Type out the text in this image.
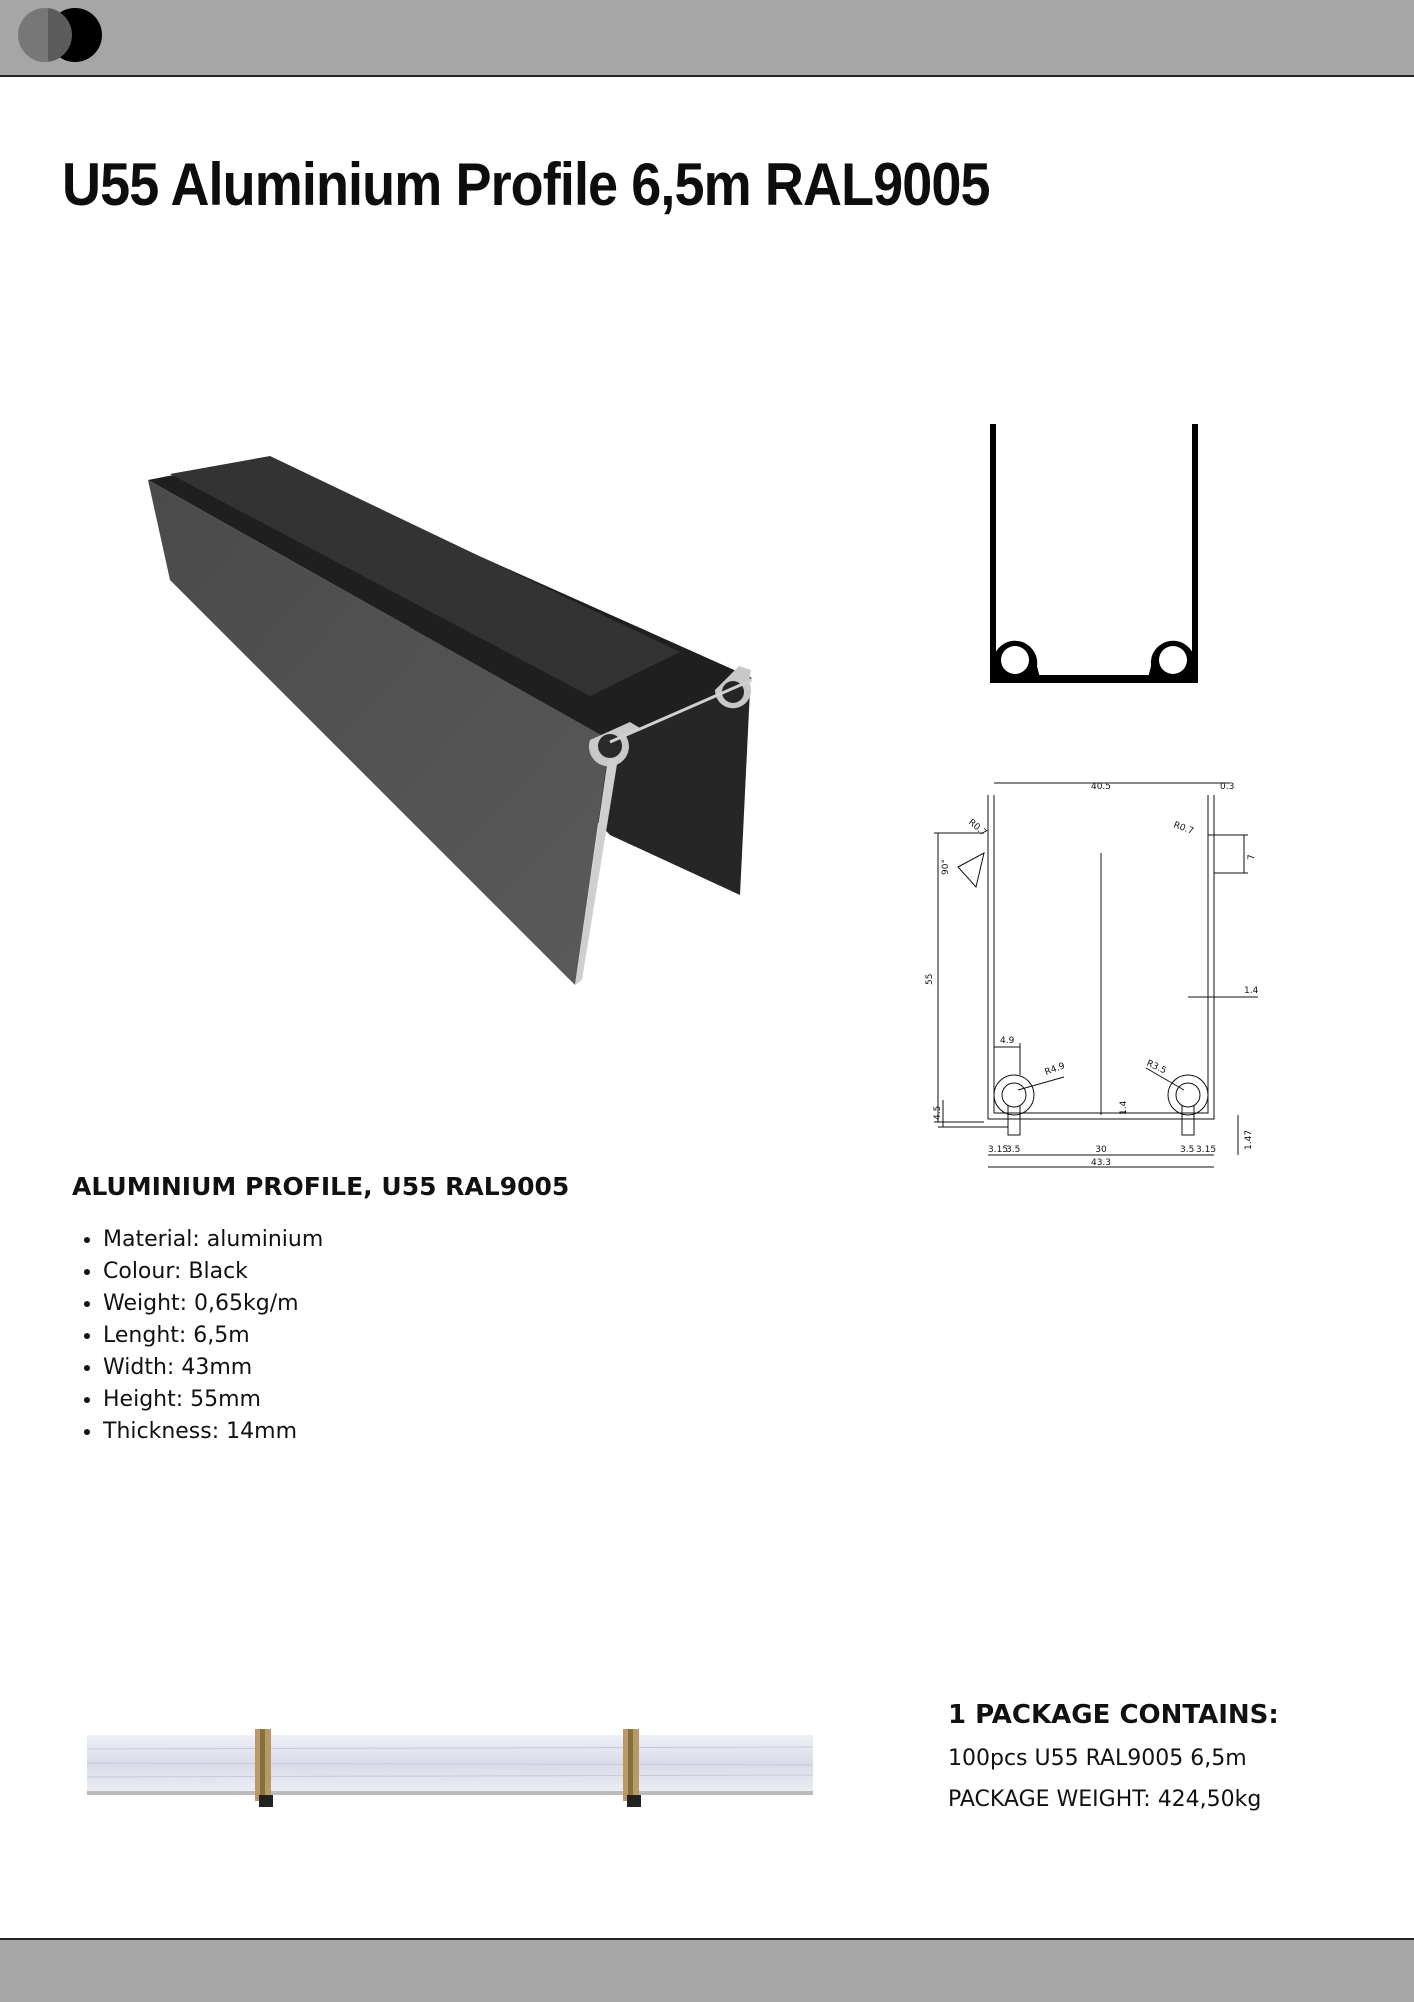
U55 Aluminium Profile 6,5m RAL9005
40.5	0.3
R0.7	R0.7
90°
7
55
1.4
4.9
R4.9	R3.5
1.4
4.5
1.47
3.15
3.5	30	3.5 3.15
43.3
ALUMINIUM PROFILE, U55 RAL9005
• Material: aluminium
• Colour: Black
• Weight: 0,65kg/m
• Lenght: 6,5m
• Width: 43mm
• Height: 55mm
• Thickness: 14mm
1 PACKAGE CONTAINS:
100pcs U55 RAL9005 6,5m
PACKAGE WEIGHT: 424,50kg
